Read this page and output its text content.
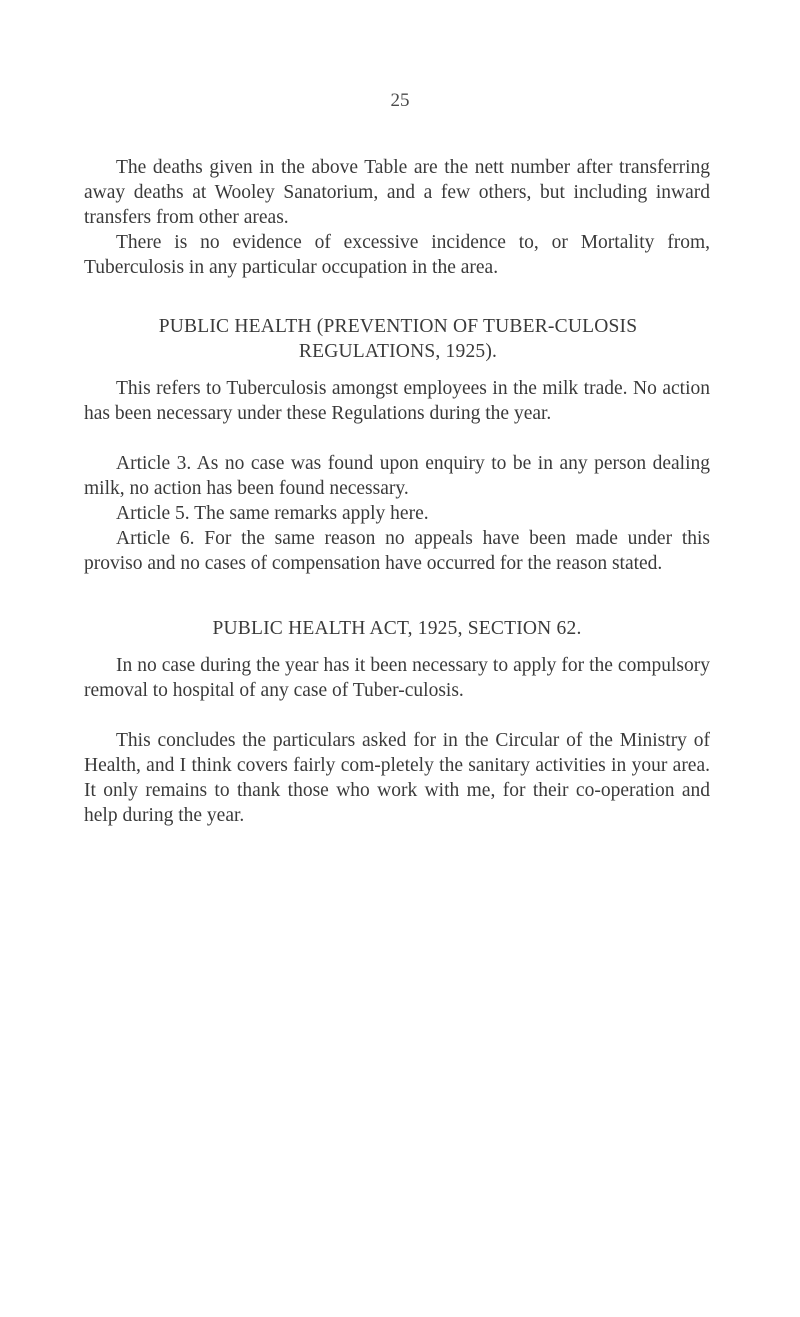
25

The deaths given in the above Table are the nett number after transferring away deaths at Wooley Sanatorium, and a few others, but including inward transfers from other areas.

There is no evidence of excessive incidence to, or Mortality from, Tuberculosis in any particular occupation in the area.

PUBLIC HEALTH (PREVENTION OF TUBER-CULOSIS REGULATIONS, 1925).

This refers to Tuberculosis amongst employees in the milk trade. No action has been necessary under these Regulations during the year.

Article 3. As no case was found upon enquiry to be in any person dealing milk, no action has been found necessary.

Article 5. The same remarks apply here.

Article 6. For the same reason no appeals have been made under this proviso and no cases of compensation have occurred for the reason stated.

PUBLIC HEALTH ACT, 1925, SECTION 62.

In no case during the year has it been necessary to apply for the compulsory removal to hospital of any case of Tuber-culosis.

This concludes the particulars asked for in the Circular of the Ministry of Health, and I think covers fairly com-pletely the sanitary activities in your area. It only remains to thank those who work with me, for their co-operation and help during the year.
